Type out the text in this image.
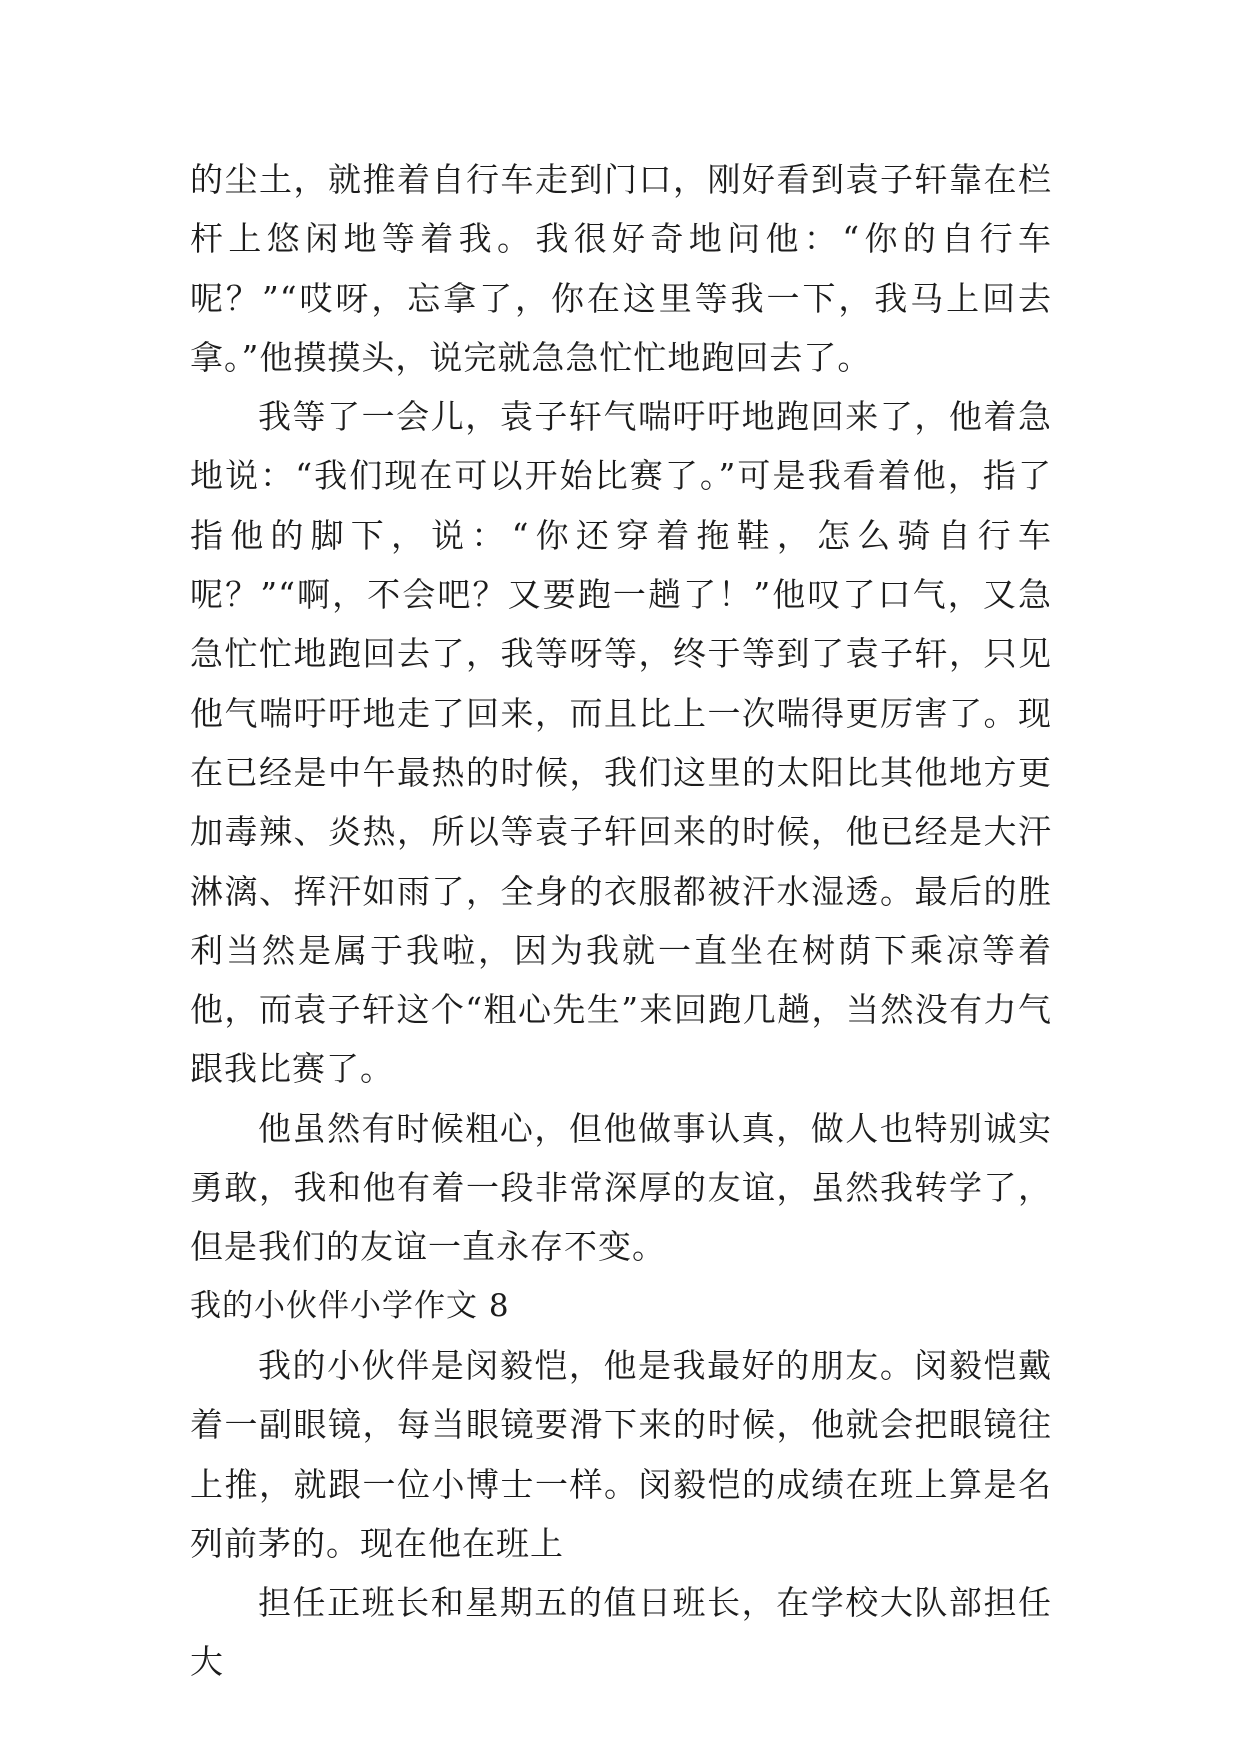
的尘土，就推着自行车走到门口，刚好看到袁子轩靠在栏杆上悠闲地等着我。我很好奇地问他：“你的自行车呢？”“哎呀，忘拿了，你在这里等我一下，我马上回去拿。”他摸摸头，说完就急急忙忙地跑回去了。

我等了一会儿，袁子轩气喘吁吁地跑回来了，他着急地说：“我们现在可以开始比赛了。”可是我看着他，指了指他的脚下，说：“你还穿着拖鞋，怎么骑自行车呢？”“啊，不会吧？又要跑一趟了！”他叹了口气，又急急忙忙地跑回去了，我等呀等，终于等到了袁子轩，只见他气喘吁吁地走了回来，而且比上一次喘得更厉害了。现在已经是中午最热的时候，我们这里的太阳比其他地方更加毒辣、炎热，所以等袁子轩回来的时候，他已经是大汗淋漓、挥汗如雨了，全身的衣服都被汗水湿透。最后的胜利当然是属于我啦，因为我就一直坐在树荫下乘凉等着他，而袁子轩这个“粗心先生”来回跑几趟，当然没有力气跟我比赛了。

他虽然有时候粗心，但他做事认真，做人也特别诚实勇敢，我和他有着一段非常深厚的友谊，虽然我转学了，但是我们的友谊一直永存不变。

我的小伙伴小学作文 8

我的小伙伴是闵毅恺，他是我最好的朋友。闵毅恺戴着一副眼镜，每当眼镜要滑下来的时候，他就会把眼镜往上推，就跟一位小博士一样。闵毅恺的成绩在班上算是名列前茅的。现在他在班上

担任正班长和星期五的值日班长，在学校大队部担任大
